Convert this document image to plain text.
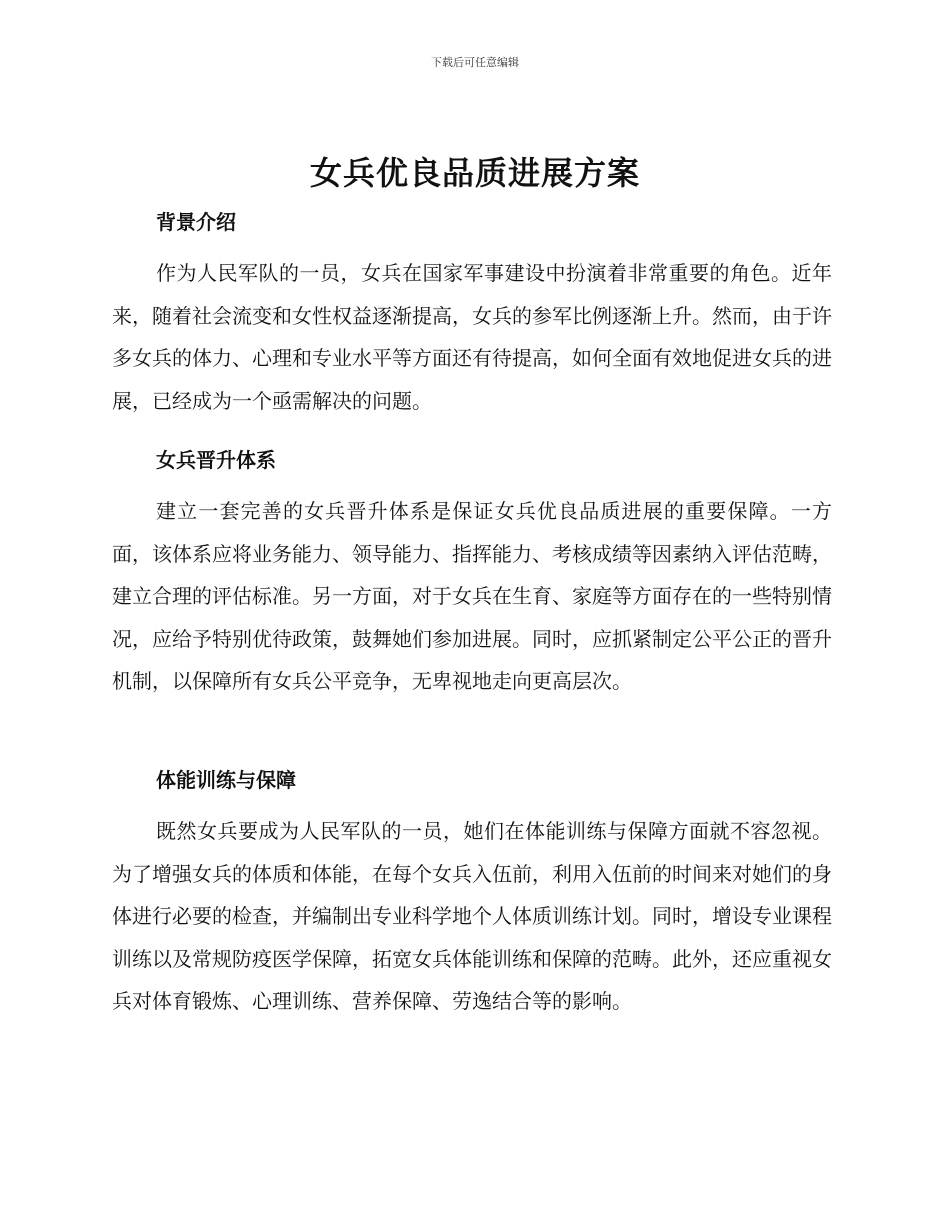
下载后可任意编辑
女兵优良品质进展方案
背景介绍

作为人民军队的一员，女兵在国家军事建设中扮演着非常重要的角色。近年来，随着社会流变和女性权益逐渐提高，女兵的参军比例逐渐上升。然而，由于许多女兵的体力、心理和专业水平等方面还有待提高，如何全面有效地促进女兵的进展，已经成为一个亟需解决的问题。

女兵晋升体系

建立一套完善的女兵晋升体系是保证女兵优良品质进展的重要保障。一方面，该体系应将业务能力、领导能力、指挥能力、考核成绩等因素纳入评估范畴，建立合理的评估标准。另一方面，对于女兵在生育、家庭等方面存在的一些特别情况，应给予特别优待政策，鼓舞她们参加进展。同时，应抓紧制定公平公正的晋升机制，以保障所有女兵公平竞争，无卑视地走向更高层次。

体能训练与保障

既然女兵要成为人民军队的一员，她们在体能训练与保障方面就不容忽视。为了增强女兵的体质和体能，在每个女兵入伍前，利用入伍前的时间来对她们的身体进行必要的检查，并编制出专业科学地个人体质训练计划。同时，增设专业课程训练以及常规防疫医学保障，拓宽女兵体能训练和保障的范畴。此外，还应重视女兵对体育锻炼、心理训练、营养保障、劳逸结合等的影响。
